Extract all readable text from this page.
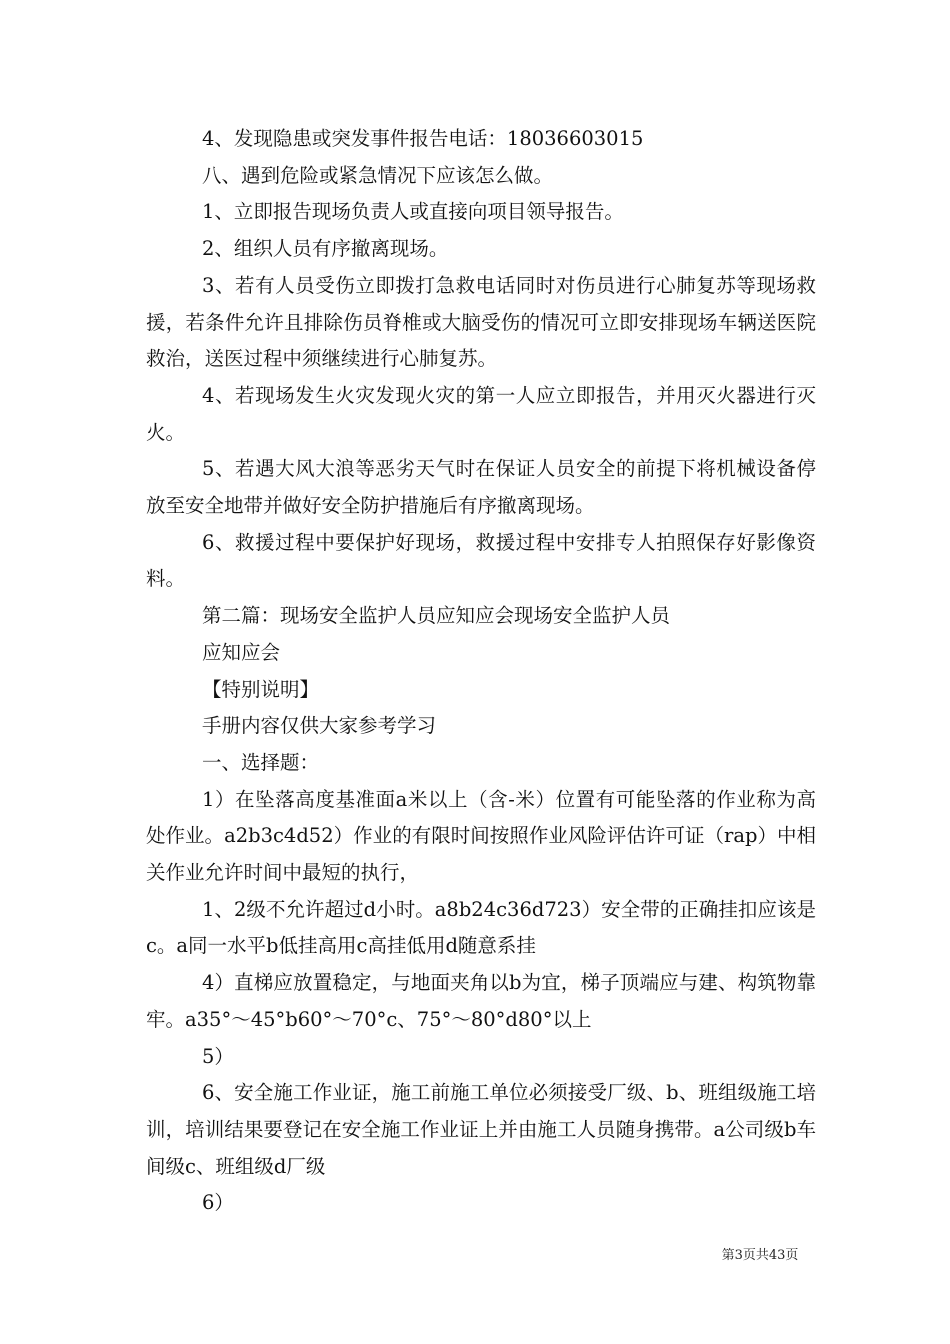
4、发现隐患或突发事件报告电话：18036603015

八、遇到危险或紧急情况下应该怎么做。

1、立即报告现场负责人或直接向项目领导报告。

2、组织人员有序撤离现场。

3、若有人员受伤立即拨打急救电话同时对伤员进行心肺复苏等现场救援，若条件允许且排除伤员脊椎或大脑受伤的情况可立即安排现场车辆送医院救治，送医过程中须继续进行心肺复苏。

4、若现场发生火灾发现火灾的第一人应立即报告，并用灭火器进行灭火。

5、若遇大风大浪等恶劣天气时在保证人员安全的前提下将机械设备停放至安全地带并做好安全防护措施后有序撤离现场。

6、救援过程中要保护好现场，救援过程中安排专人拍照保存好影像资料。

第二篇：现场安全监护人员应知应会现场安全监护人员

应知应会

【特别说明】

手册内容仅供大家参考学习

一、选择题：

1）在坠落高度基准面a米以上（含-米）位置有可能坠落的作业称为高处作业。a2b3c4d52）作业的有限时间按照作业风险评估许可证（rap）中相关作业允许时间中最短的执行，

1、2级不允许超过d小时。a8b24c36d723）安全带的正确挂扣应该是c。a同一水平b低挂高用c高挂低用d随意系挂

4）直梯应放置稳定，与地面夹角以b为宜，梯子顶端应与建、构筑物靠牢。a35°～45°b60°～70°c、75°～80°d80°以上

5）

6、安全施工作业证，施工前施工单位必须接受厂级、b、班组级施工培训，培训结果要登记在安全施工作业证上并由施工人员随身携带。a公司级b车间级c、班组级d厂级

6）

第3页共43页
